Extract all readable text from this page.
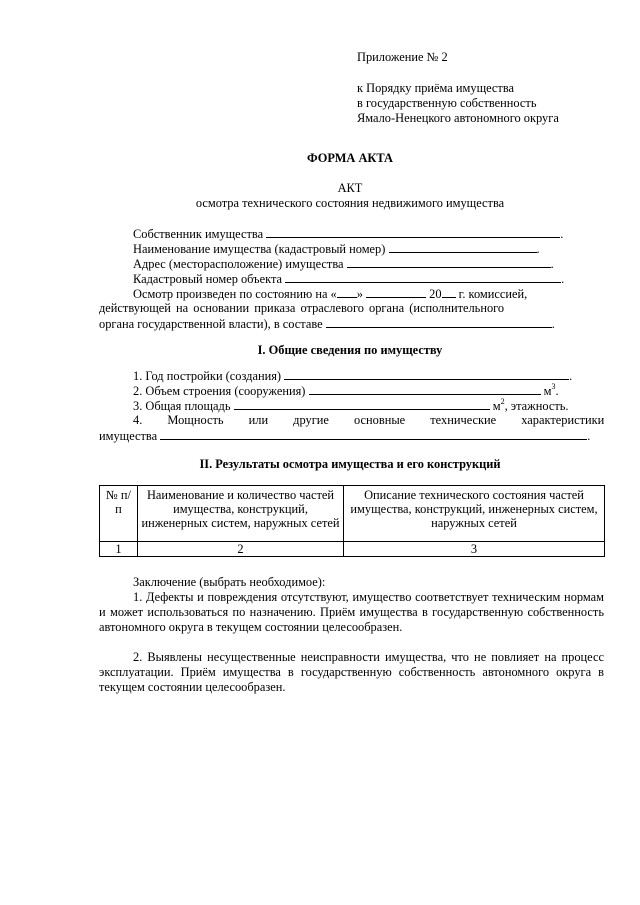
Приложение № 2
к Порядку приёма имущества
в государственную собственность
Ямало-Ненецкого автономного округа
ФОРМА АКТА
АКТ
осмотра технического состояния недвижимого имущества
Собственник имущества	.
Наименование имущества (кадастровый номер)	.
Адрес (месторасположение) имущества	.
Кадастровый номер объекта	.
Осмотр произведен по состоянию на « »	20 г. комиссией,
действующей на основании приказа отраслевого органа (исполнительного
органа государственной власти), в составе	.
I. Общие сведения по имуществу
1. Год постройки (создания)	.
2. Объем строения (сооружения)	$м^3$.
3. Общая площадь	$м^2$, этажность.
4. Мощность или другие основные технические характеристики
имущества	.
II. Результаты осмотра имущества и его конструкций
№ п/п	Наименование и количество частей имущества, конструкций, инженерных систем, наружных сетей	Описание технического состояния частей имущества, конструкций, инженерных систем, наружных сетей
1	2	3
Заключение (выбрать необходимое):
1. Дефекты и повреждения отсутствуют, имущество соответствует техническим нормам и может использоваться по назначению. Приём имущества в государственную собственность автономного округа в текущем состоянии целесообразен.
2. Выявлены несущественные неисправности имущества, что не повлияет на процесс эксплуатации. Приём имущества в государственную собственность автономного округа в текущем состоянии целесообразен.
